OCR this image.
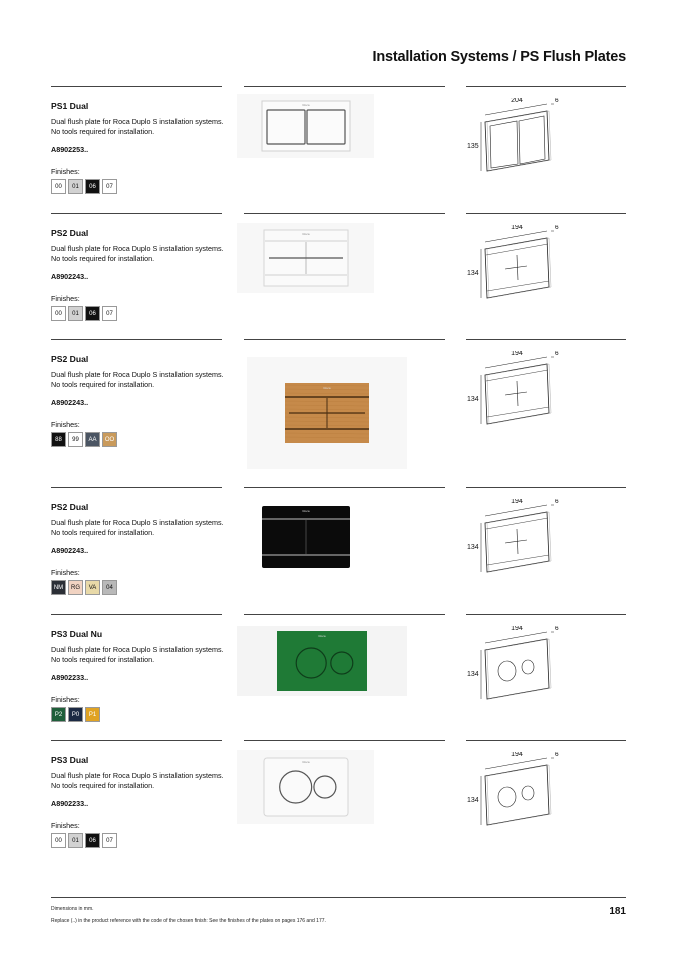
Installation Systems / PS Flush Plates
PS1 Dual
Dual flush plate for Roca Duplo S installation systems. No tools required for installation.
A8902253..
Finishes:
00	01	06	07
Roca
204	6
135
PS2 Dual
Dual flush plate for Roca Duplo S installation systems. No tools required for installation.
A8902243..
Finishes:
00	01	06	07
Roca
194	6
134
PS2 Dual
Dual flush plate for Roca Duplo S installation systems. No tools required for installation.
A8902243..
Finishes:
88	99	AA	OO
Roca
194	6
134
PS2 Dual
Dual flush plate for Roca Duplo S installation systems. No tools required for installation.
A8902243..
Finishes:
NM	RG	VA	04
Roca
194	6
134
PS3 Dual Nu
Dual flush plate for Roca Duplo S installation systems. No tools required for installation.
A8902233..
Finishes:
P2	P0	P1
Roca
194	6
134
PS3 Dual
Dual flush plate for Roca Duplo S installation systems. No tools required for installation.
A8902233..
Finishes:
00	01	06	07
Roca
194	6
134
Dimensions in mm.
Replace (..) in the product reference with the code of the chosen finish: See the finishes of the plates on pages 176 and 177.
181
